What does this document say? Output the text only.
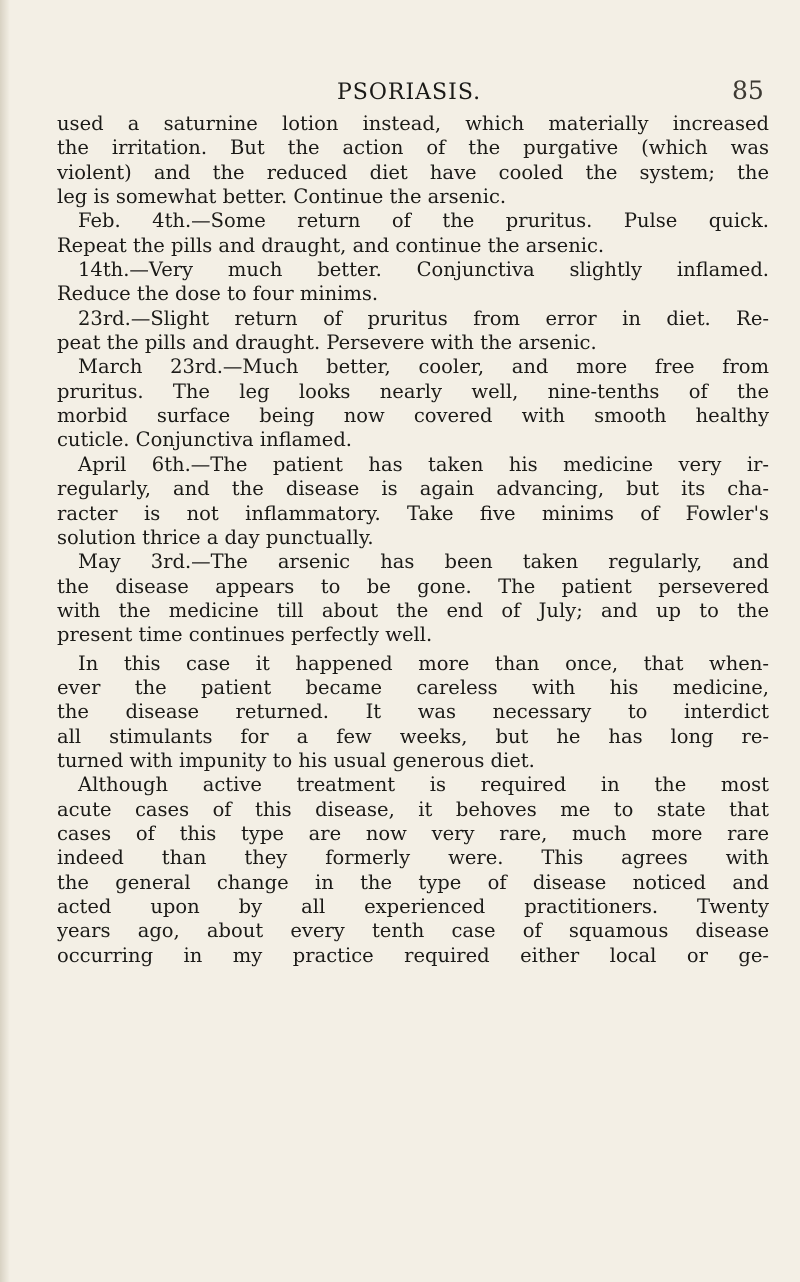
PSORIASIS.	85
used a saturnine lotion instead, which materially increased
the irritation. But the action of the purgative (which was
violent) and the reduced diet have cooled the system; the
leg is somewhat better. Continue the arsenic.
Feb. 4th.—Some return of the pruritus. Pulse quick.
Repeat the pills and draught, and continue the arsenic.
14th.—Very much better. Conjunctiva slightly inflamed.
Reduce the dose to four minims.
23rd.—Slight return of pruritus from error in diet. Re-
peat the pills and draught. Persevere with the arsenic.
March 23rd.—Much better, cooler, and more free from
pruritus. The leg looks nearly well, nine-tenths of the
morbid surface being now covered with smooth healthy
cuticle. Conjunctiva inflamed.
April 6th.—The patient has taken his medicine very ir-
regularly, and the disease is again advancing, but its cha-
racter is not inflammatory. Take five minims of Fowler's
solution thrice a day punctually.
May 3rd.—The arsenic has been taken regularly, and
the disease appears to be gone. The patient persevered
with the medicine till about the end of July; and up to the
present time continues perfectly well.
In this case it happened more than once, that when-
ever the patient became careless with his medicine,
the disease returned. It was necessary to interdict
all stimulants for a few weeks, but he has long re-
turned with impunity to his usual generous diet.
Although active treatment is required in the most
acute cases of this disease, it behoves me to state that
cases of this type are now very rare, much more rare
indeed than they formerly were. This agrees with
the general change in the type of disease noticed and
acted upon by all experienced practitioners. Twenty
years ago, about every tenth case of squamous disease
occurring in my practice required either local or ge-
